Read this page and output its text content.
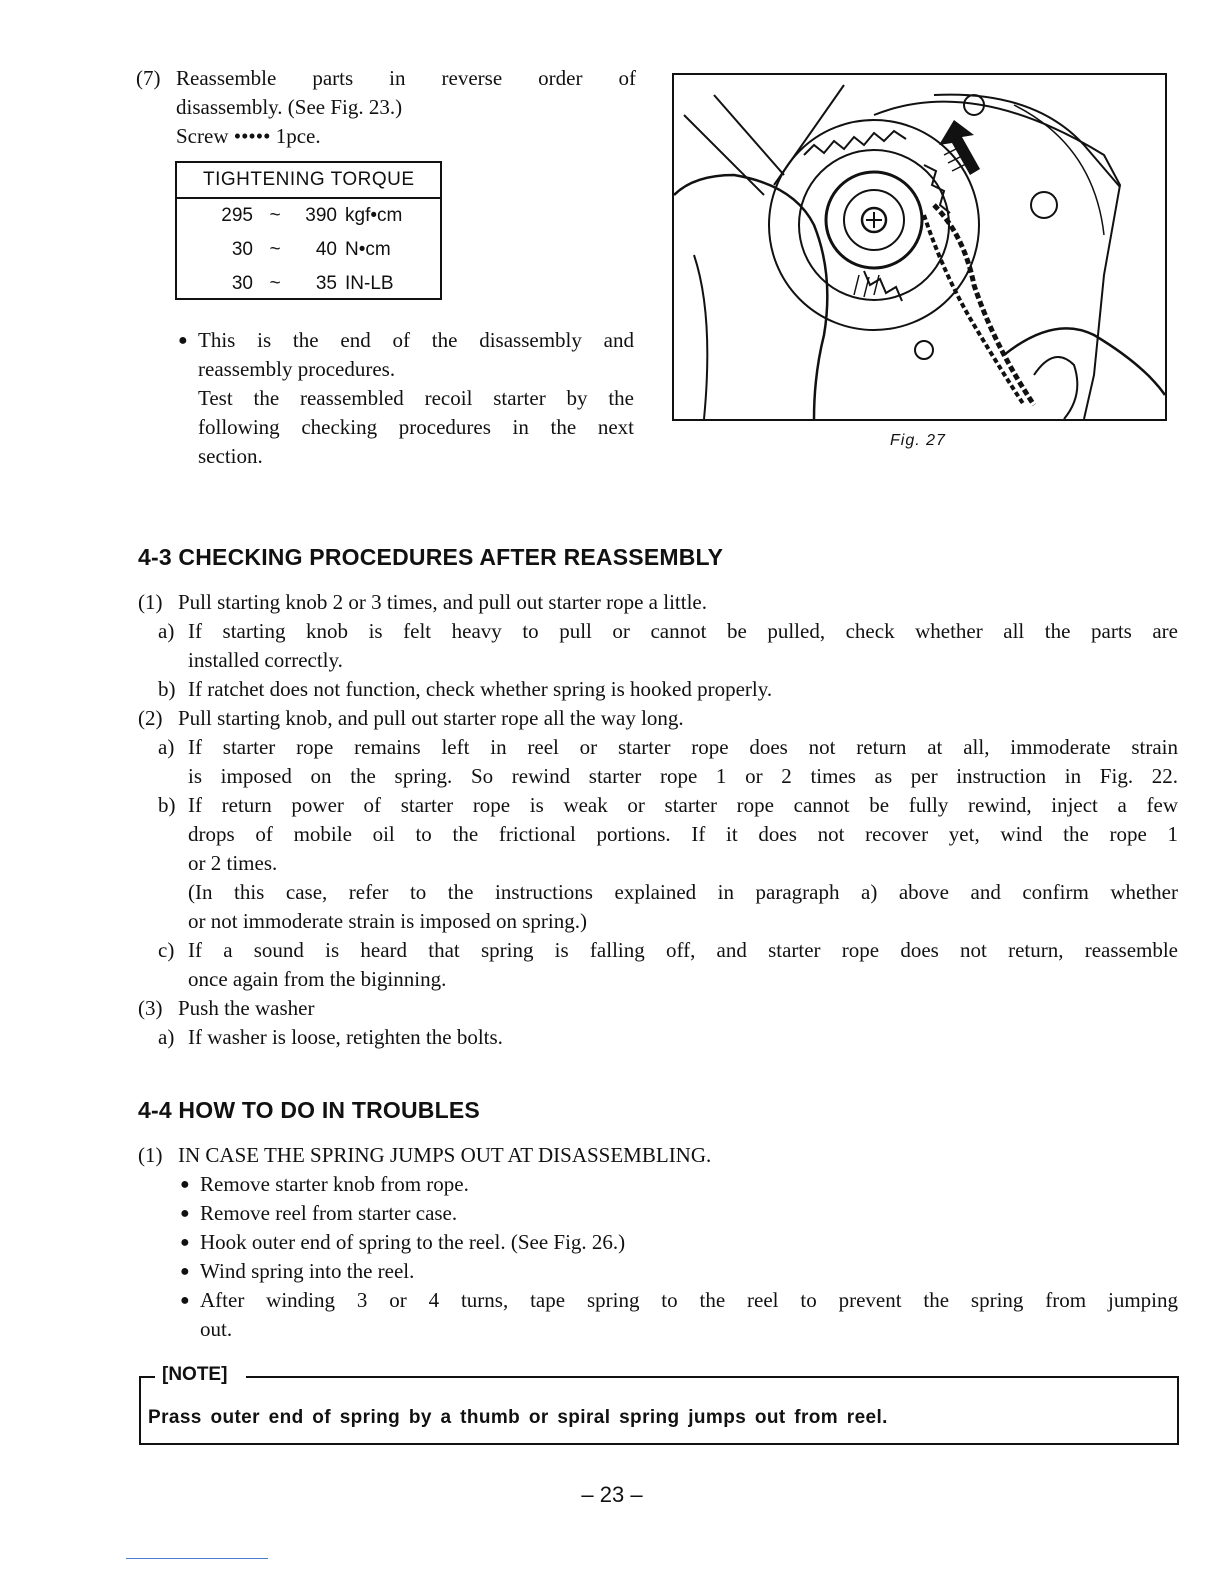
(7) Reassemble parts in reverse order of
disassembly. (See Fig. 23.)
Screw ••••• 1pce.
TIGHTENING TORQUE
295 ~	390 kgf•cm
30 ~	40 N•cm
30 ~	35 IN-LB
● This is the end of the disassembly and
reassembly procedures.
Test the reassembled recoil starter by the
following checking procedures in the next
section.
Fig. 27
4-3 CHECKING PROCEDURES AFTER REASSEMBLY
(1) Pull starting knob 2 or 3 times, and pull out starter rope a little.
a) If starting knob is felt heavy to pull or cannot be pulled, check whether all the parts are
installed correctly.
b) If ratchet does not function, check whether spring is hooked properly.
(2) Pull starting knob, and pull out starter rope all the way long.
a) If starter rope remains left in reel or starter rope does not return at all, immoderate strain
is imposed on the spring. So rewind starter rope 1 or 2 times as per instruction in Fig. 22.
b) If return power of starter rope is weak or starter rope cannot be fully rewind, inject a few
drops of mobile oil to the frictional portions. If it does not recover yet, wind the rope 1
or 2 times.
(In this case, refer to the instructions explained in paragraph a) above and confirm whether
or not immoderate strain is imposed on spring.)
c) If a sound is heard that spring is falling off, and starter rope does not return, reassemble
once again from the biginning.
(3) Push the washer
a) If washer is loose, retighten the bolts.
4-4 HOW TO DO IN TROUBLES
(1) IN CASE THE SPRING JUMPS OUT AT DISASSEMBLING.
● Remove starter knob from rope.
● Remove reel from starter case.
● Hook outer end of spring to the reel. (See Fig. 26.)
● Wind spring into the reel.
● After winding 3 or 4 turns, tape spring to the reel to prevent the spring from jumping
out.
[NOTE]
Prass outer end of spring by a thumb or spiral spring jumps out from reel.
– 23 –
